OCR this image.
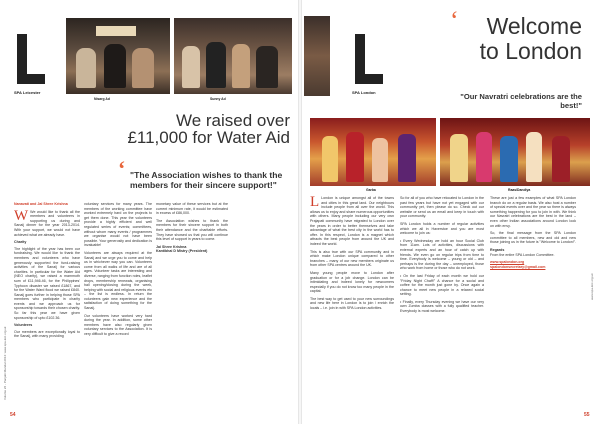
SPA Leicester
Nisarg Ad	Sunny Ad
We raised over
£11,000 for Water Aid
‘ "The Association wishes to thank the members for their sincere support!"

Nanavati and Jal Shree Krishna

W We would like to thank all the members and volunteers in supporting us during and Sanaij dinner for the year 2013-2014. With your support, we would not have achieved what we already have.

Charity

The highlight of the year has been our fundraising. We would like to thank the members and volunteers who have generously supported the fund-raising activities of the Sanaij for various charities. In particular for the Water Aid (NEO charity), we raised a mammoth sum of £11,946.46, for the Philippines' Typhoon disaster we raised £1867, and for the Water Ward flood we raised £840. Sanaij goes further in helping those SPA members who participate in charity events and we approach us for sponsorship towards their chosen charity. So far this year we have given sponsorship of upto £102.36.

Volunteers

Our members are exceptionally loyal to the Sanaij, with many providing

voluntary services for many years. The members of the working committee have worked extremely hard on the projects to get them done. This year the volunteers provide a highly efficient and well regulated series of events; committees, without whom many events / programmes we organise would not have been possible. Your generosity and dedication is invaluable!

Volunteers are always required at the Sanaij and we urge you to come and help us in whichever way you can. Volunteers come from all walks of life and are of all ages. Volunteer tasks are interesting and diverse, ranging from function roles, leaflet drops, membership renewals, organising hall opening/closing during the week, helping with social and religious events etc – the list is endless. In return the volunteers gain new experience and the satisfaction of doing something for the Sanaij.

Our volunteers have worked very hard during the year. In addition, some other members have also regularly given voluntary services to the Association. It is very difficult to give a record

monetary value of these services but at the current minimum rate, it would be estimated in excess of £86,000.

The Association wishes to thank the members for their sincere support in both their attendance and the charitable efforts. They have showed us that you will continue this level of support in years to come.

Jai Shree Krishna

Kantibhai D Mistry (President)

Volume 26 - Panjabi Mandal 2014: www.spa-leic.org.uk
54
SPA London
Welcome
to London
‘
"Our Navratri celebrations are the best!"
Garba	Raas/Dandiya

L London is unique amongst all of the towns and cities in this great land. Our neighbours include people from all over the world. This allows us to enjoy and share numerous opportunities with others. Many people including our very own Prajapati community have migrated to London over the years in order to better themselves and take advantage of what the best city in the world has to offer. In this respect, London is a magnet which attracts the best people from around the UK and indeed the world.

This is also true with our SPA community and in which make London unique compared to other branches – many of our new members originate us from other SPA centres around the UK.

Many young people move to London after graduation or for a job change. London can be intimidating and indeed lonely for newcomers especially if you do not know too many people in the capital.

The best way to get used to your new surroundings and new life here in London is to join / enrich the locals – i.e. join in with SPA London activities.

So for all of you who have relocated to London in the past few years but have not yet engaged with our community yet, then please do so. Check out our website or send us an email and keep in touch with your community.

SPA London holds a number of regular activities which we all in Haverstoe and you are most welcome to join us:

• Every Wednesday we hold an hour Social Club from 11am. Lots of activities, discussions with external experts and an hour of catch up with friends. We even go on regular trips from time to time. Everybody is welcome – young or old – and perhaps is the during the day – unemployed, those who work from home or those who do not work.

• On the last Friday of each month we hold our "Friday Night Chaff!" A chance for a social and coffee for the month just gone by. Once again a chance to meet new people in a relaxed social setting.

• Finally, every Thursday evening we have our very own Zumba classes with a fully qualified teacher. Everybody is most welcome.

These are just a few examples of what SPA London branch do on a regular basis. We also host a number of special events over and the year so there is always something happening for you to join in with. We think our Navratri celebrations are the best in the land – even other Indian associations around London look on with envy.

So, the final message from the SPA London committee to all members, new and old and new those joining us in the future is "Welcome to London!".

Regards

From the entire SPA London Committee.

www.spalondon.org

spalondonsecretary@gmail.com

www.spa-leic.org.uk
55
